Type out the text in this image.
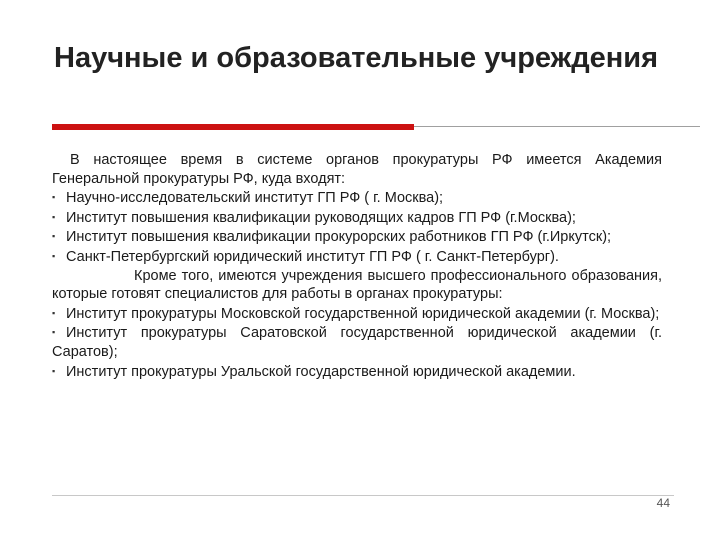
Научные и образовательные учреждения

В настоящее время в системе органов прокуратуры РФ имеется Академия Генеральной прокуратуры РФ, куда входят:

▪ Научно-исследовательский институт ГП РФ ( г. Москва);

▪ Институт повышения квалификации руководящих кадров ГП РФ (г.Москва);

▪ Институт повышения квалификации прокурорских работников ГП РФ (г.Иркутск);

▪ Санкт-Петербургский юридический институт ГП РФ ( г. Санкт-Петербург).

Кроме того, имеются учреждения высшего профессионального образования, которые готовят специалистов для работы в органах прокуратуры:

▪ Институт прокуратуры Московской государственной юридической академии (г. Москва);

▪ Институт прокуратуры Саратовской государственной юридической академии (г. Саратов);

▪ Институт прокуратуры Уральской государственной юридической академии.

44
